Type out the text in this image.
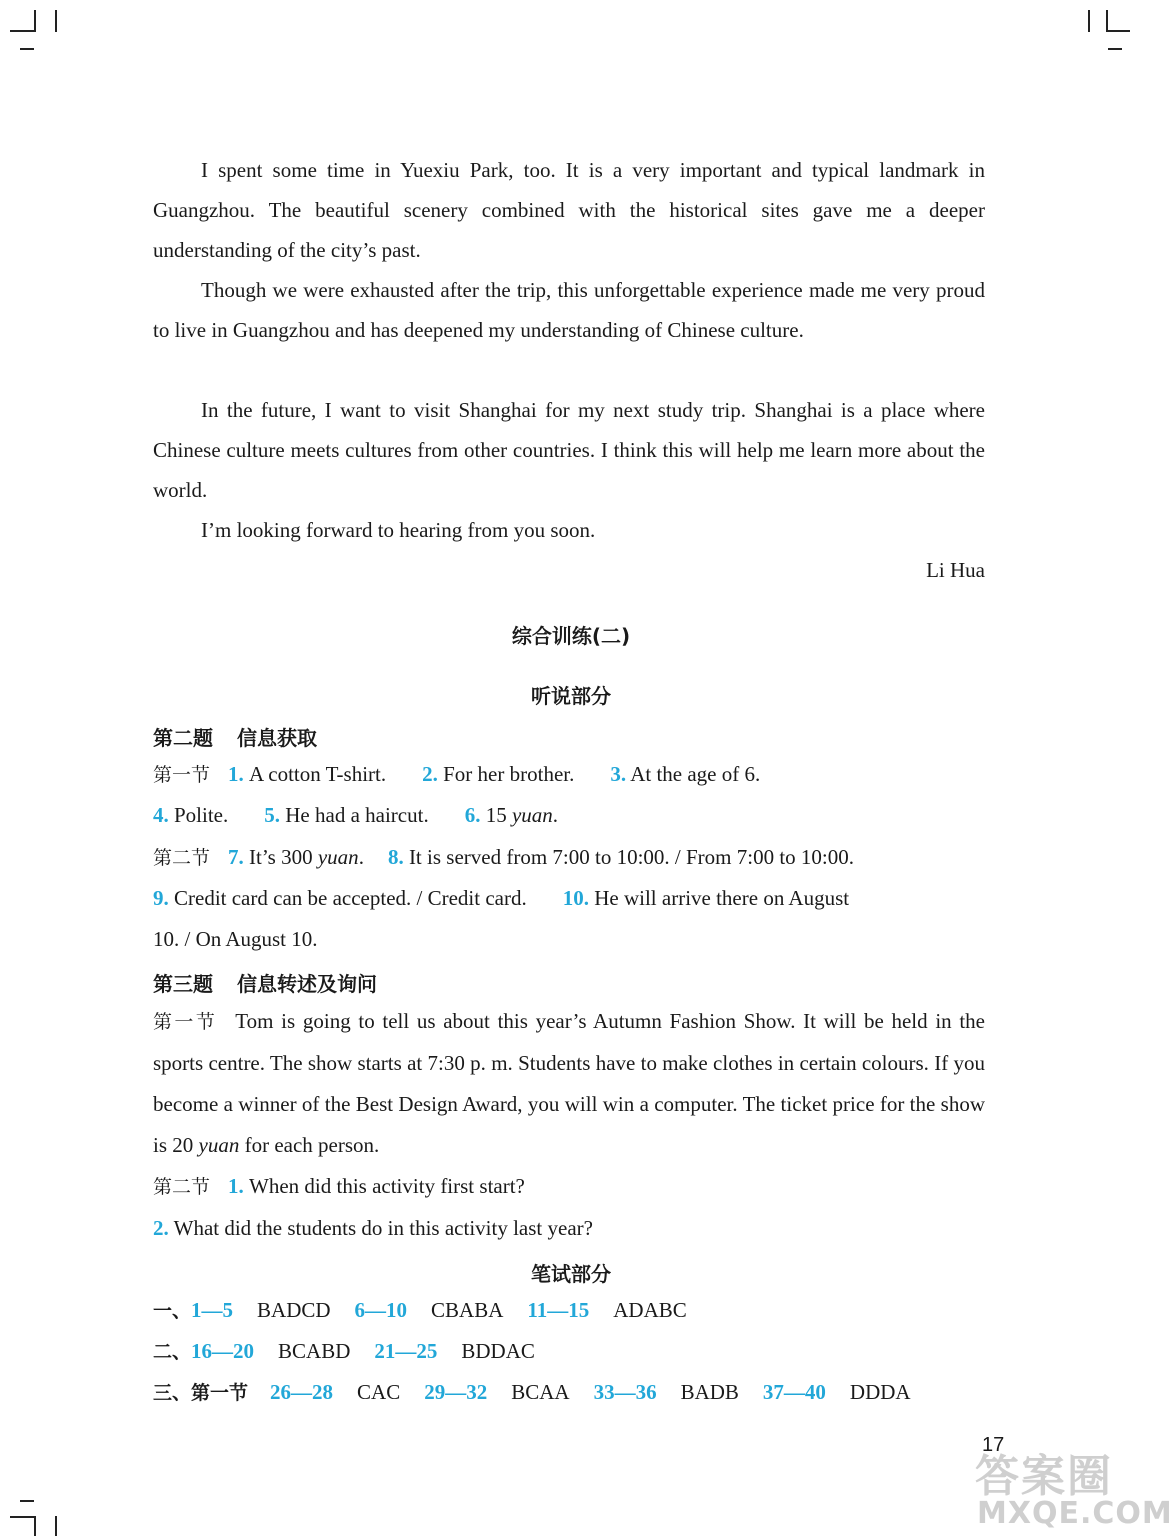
I spent some time in Yuexiu Park, too. It is a very important and typical landmark in Guangzhou. The beautiful scenery combined with the historical sites gave me a deeper understanding of the city’s past.
Though we were exhausted after the trip, this unforgettable experience made me very proud to live in Guangzhou and has deepened my understanding of Chinese culture.
In the future, I want to visit Shanghai for my next study trip. Shanghai is a place where Chinese culture meets cultures from other countries. I think this will help me learn more about the world.
I’m looking forward to hearing from you soon.
Li Hua
综合训练(二)
听说部分
第二题 信息获取
第一节 1. A cotton T-shirt. 2. For her brother. 3. At the age of 6.
4. Polite. 5. He had a haircut. 6. 15 yuan.
第二节 7. It’s 300 yuan. 8. It is served from 7:00 to 10:00. / From 7:00 to 10:00.
9. Credit card can be accepted. / Credit card. 10. He will arrive there on August
10. / On August 10.
第三题 信息转述及询问
第一节 Tom is going to tell us about this year’s Autumn Fashion Show. It will be held in the sports centre. The show starts at 7:30 p. m. Students have to make clothes in certain colours. If you become a winner of the Best Design Award, you will win a computer. The ticket price for the show is 20 yuan for each person.
第二节 1. When did this activity first start?
2. What did the students do in this activity last year?
笔试部分
一、1—5 BADCD 6—10 CBABA 11—15 ADABC
二、16—20 BCABD 21—25 BDDAC
三、第一节 26—28 CAC 29—32 BCAA 33—36 BADB 37—40 DDDA
17
答案圈
MXQE.COM
